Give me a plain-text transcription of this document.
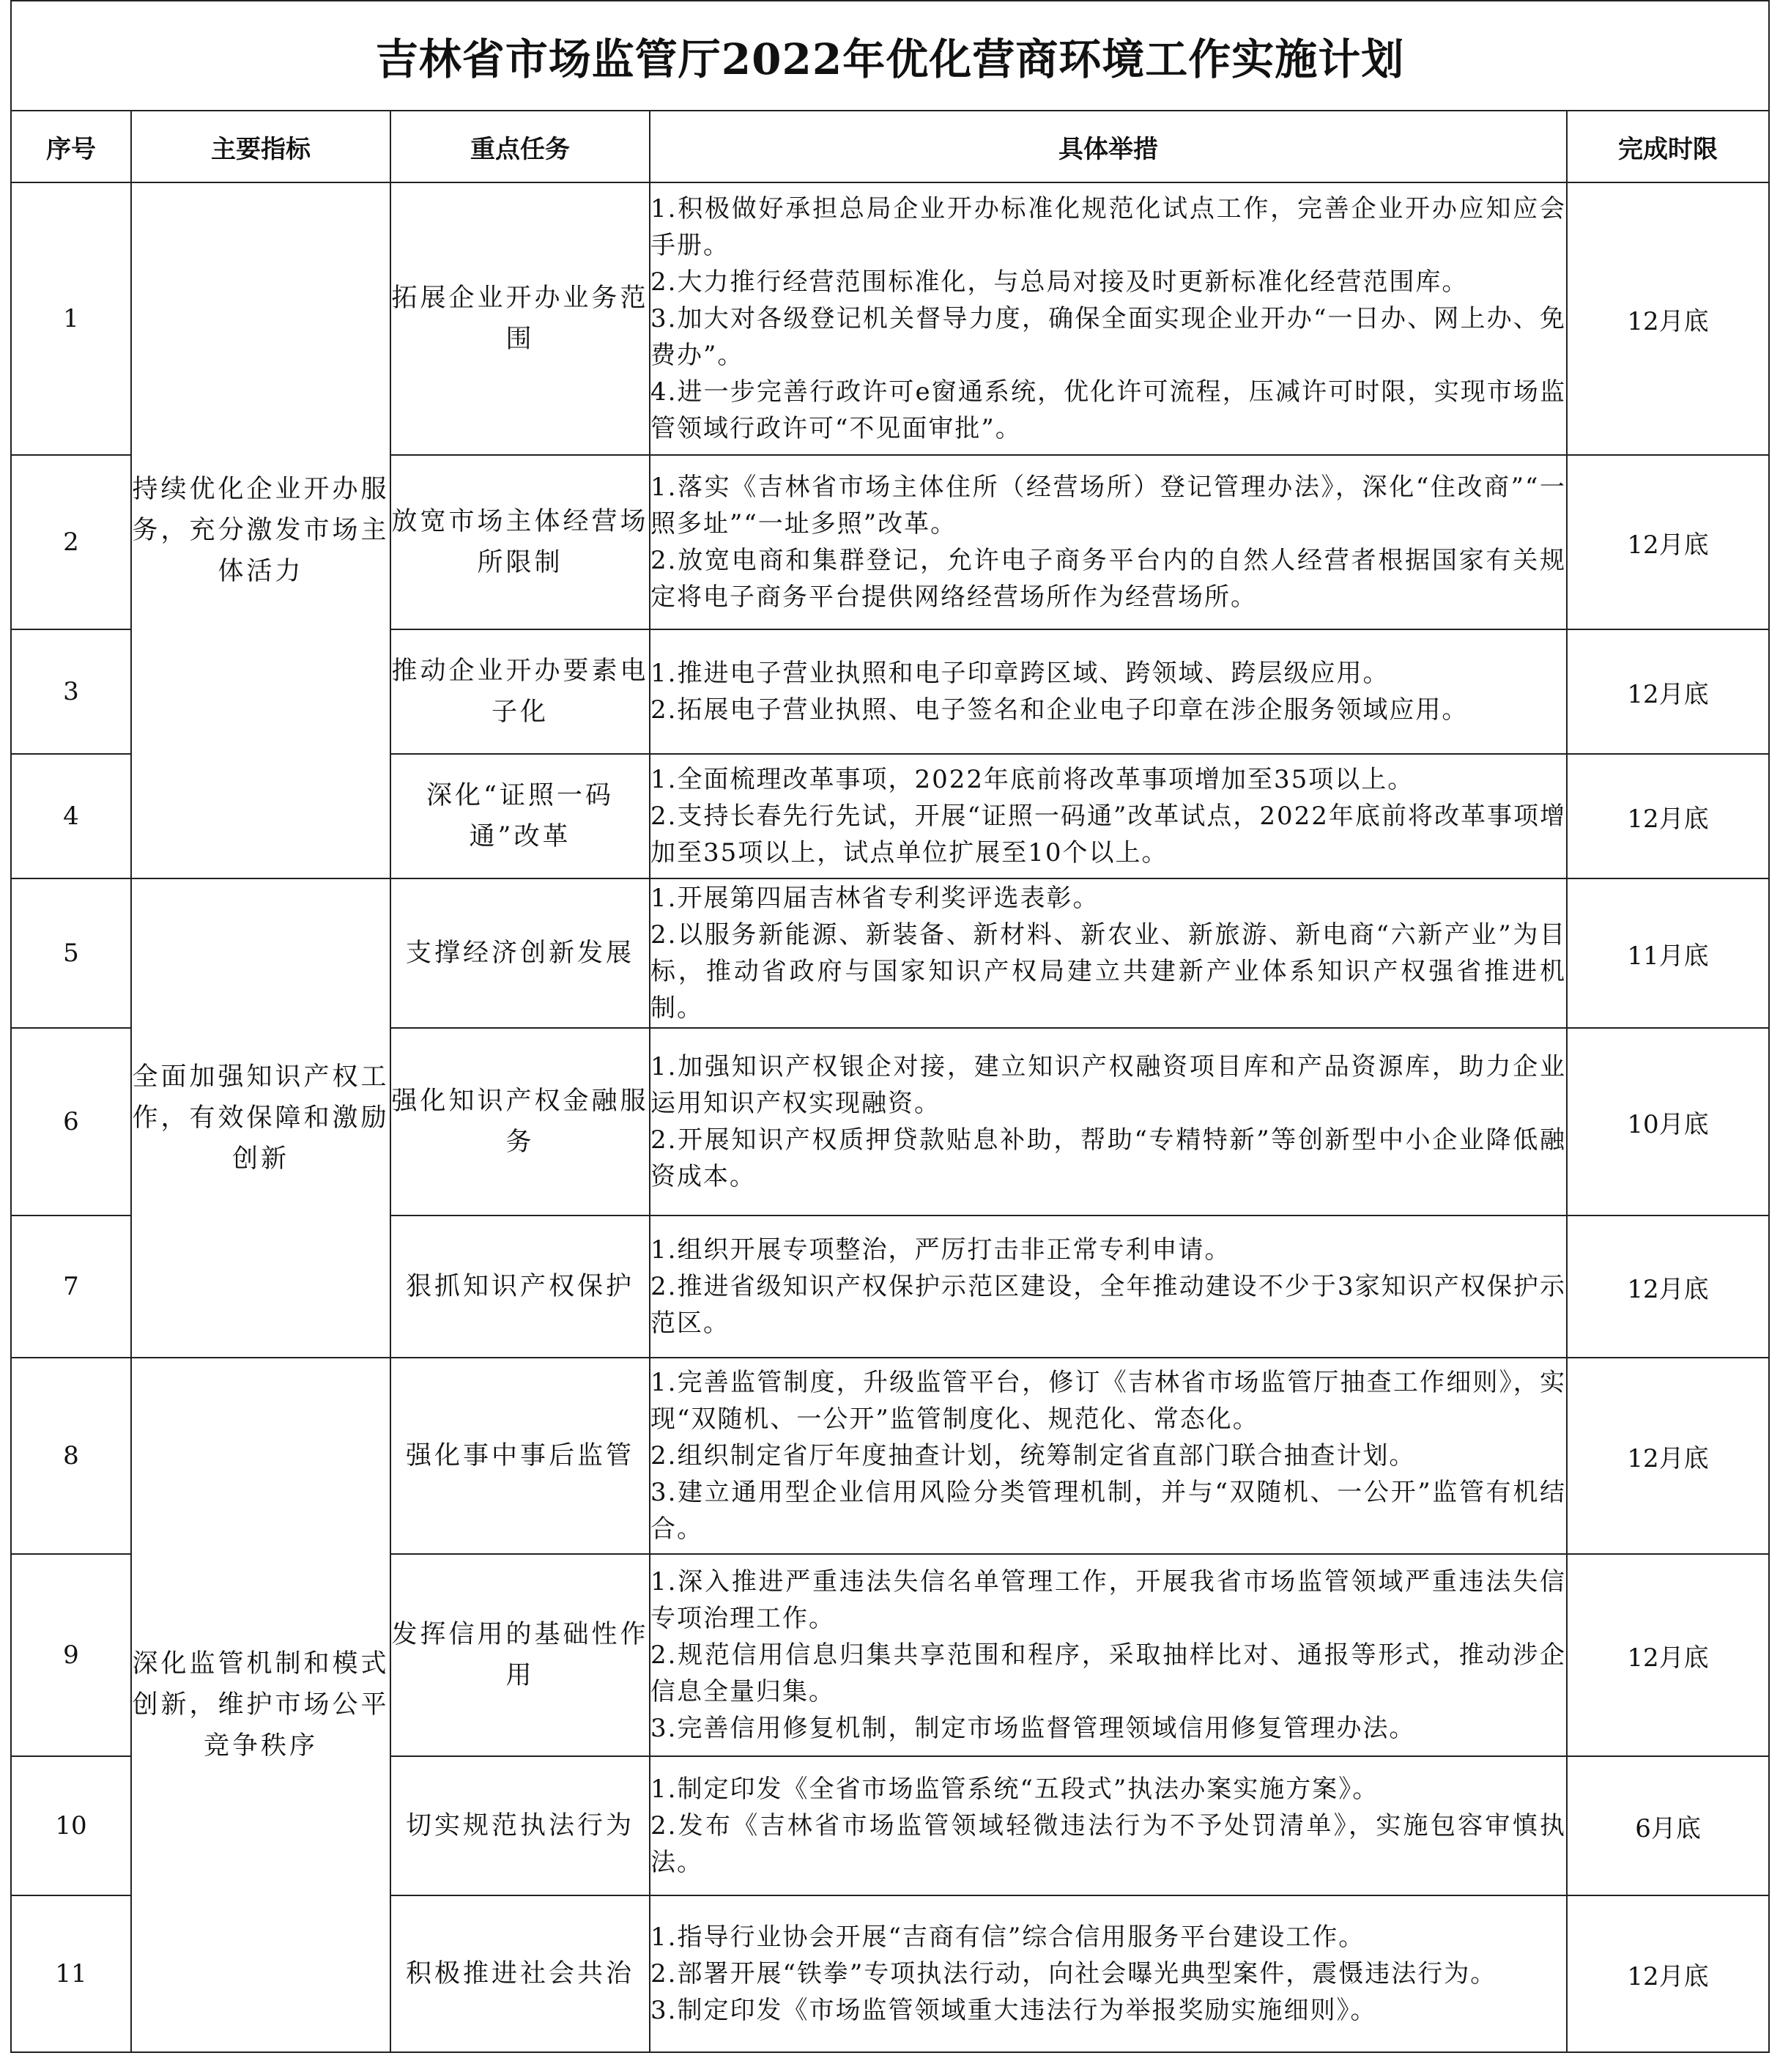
吉林省市场监管厅2022年优化营商环境工作实施计划				
序号	主要指标	重点任务	具体举措	完成时限
1	持续优化企业开办服务，充分激发市场主体活力	拓展企业开办业务范围	1.积极做好承担总局企业开办标准化规范化试点工作，完善企业开办应知应会手册。
2.大力推行经营范围标准化，与总局对接及时更新标准化经营范围库。
3.加大对各级登记机关督导力度，确保全面实现企业开办“一日办、网上办、免费办”。
4.进一步完善行政许可e窗通系统，优化许可流程，压减许可时限，实现市场监管领域行政许可“不见面审批”。	12月底
2		放宽市场主体经营场所限制	1.落实《吉林省市场主体住所（经营场所）登记管理办法》，深化“住改商”“一照多址”“一址多照”改革。
2.放宽电商和集群登记，允许电子商务平台内的自然人经营者根据国家有关规定将电子商务平台提供网络经营场所作为经营场所。	12月底
3		推动企业开办要素电子化	1.推进电子营业执照和电子印章跨区域、跨领域、跨层级应用。
2.拓展电子营业执照、电子签名和企业电子印章在涉企服务领域应用。	12月底
4		深化“证照一码通”改革	1.全面梳理改革事项，2022年底前将改革事项增加至35项以上。
2.支持长春先行先试，开展“证照一码通”改革试点，2022年底前将改革事项增加至35项以上，试点单位扩展至10个以上。	12月底
5	全面加强知识产权工作，有效保障和激励创新	支撑经济创新发展	1.开展第四届吉林省专利奖评选表彰。
2.以服务新能源、新装备、新材料、新农业、新旅游、新电商“六新产业”为目标，推动省政府与国家知识产权局建立共建新产业体系知识产权强省推进机制。	11月底
6		强化知识产权金融服务	1.加强知识产权银企对接，建立知识产权融资项目库和产品资源库，助力企业运用知识产权实现融资。
2.开展知识产权质押贷款贴息补助，帮助“专精特新”等创新型中小企业降低融资成本。	10月底
7		狠抓知识产权保护	1.组织开展专项整治，严厉打击非正常专利申请。
2.推进省级知识产权保护示范区建设，全年推动建设不少于3家知识产权保护示范区。	12月底
8	深化监管机制和模式创新，维护市场公平竞争秩序	强化事中事后监管	1.完善监管制度，升级监管平台，修订《吉林省市场监管厅抽查工作细则》，实现“双随机、一公开”监管制度化、规范化、常态化。
2.组织制定省厅年度抽查计划，统筹制定省直部门联合抽查计划。
3.建立通用型企业信用风险分类管理机制，并与“双随机、一公开”监管有机结合。	12月底
9		发挥信用的基础性作用	1.深入推进严重违法失信名单管理工作，开展我省市场监管领域严重违法失信专项治理工作。
2.规范信用信息归集共享范围和程序，采取抽样比对、通报等形式，推动涉企信息全量归集。
3.完善信用修复机制，制定市场监督管理领域信用修复管理办法。	12月底
10		切实规范执法行为	1.制定印发《全省市场监管系统“五段式”执法办案实施方案》。
2.发布《吉林省市场监管领域轻微违法行为不予处罚清单》，实施包容审慎执法。	6月底
11		积极推进社会共治	1.指导行业协会开展“吉商有信”综合信用服务平台建设工作。
2.部署开展“铁拳”专项执法行动，向社会曝光典型案件，震慑违法行为。
3.制定印发《市场监管领域重大违法行为举报奖励实施细则》。	12月底
